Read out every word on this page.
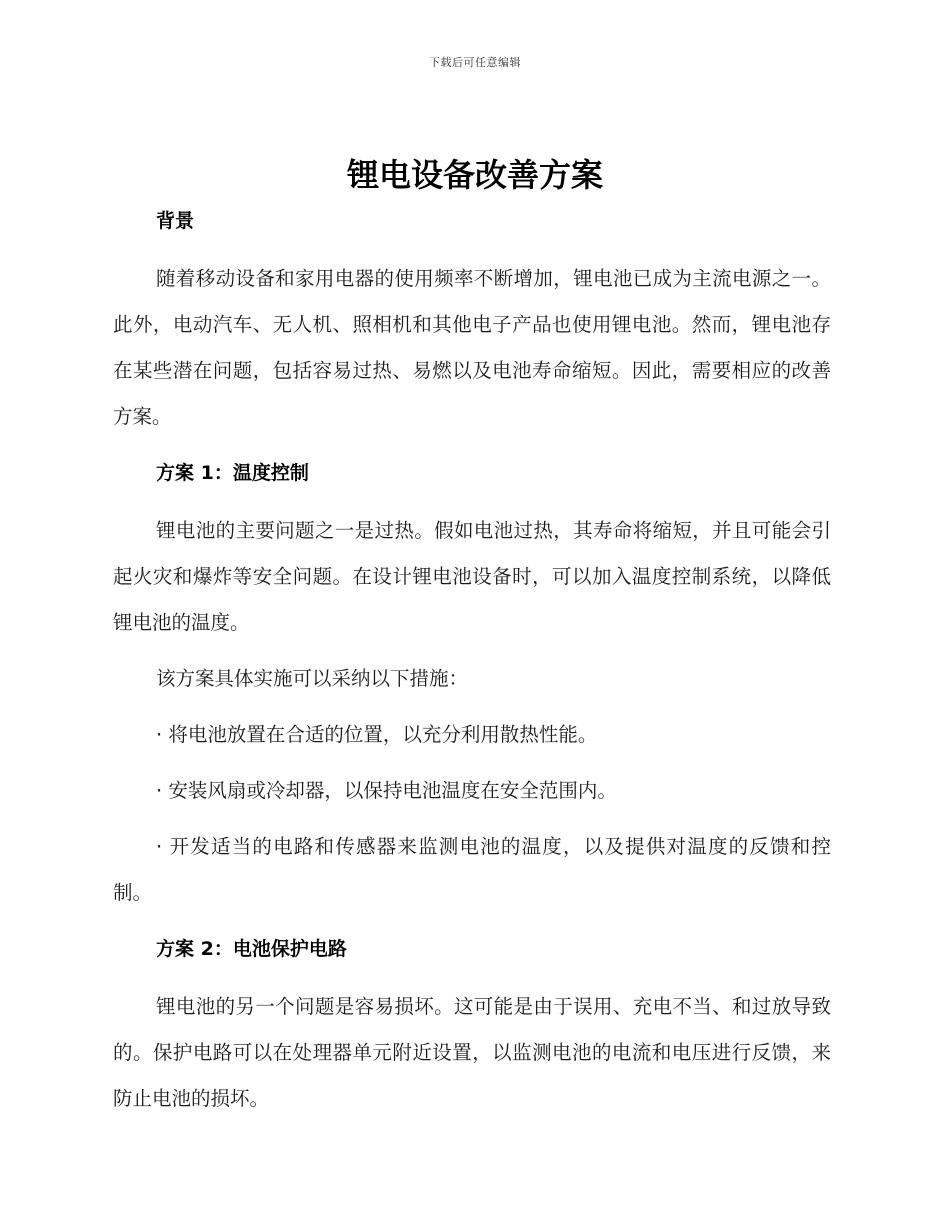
下载后可任意编辑
锂电设备改善方案
背景

随着移动设备和家用电器的使用频率不断增加，锂电池已成为主流电源之一。此外，电动汽车、无人机、照相机和其他电子产品也使用锂电池。然而，锂电池存在某些潜在问题，包括容易过热、易燃以及电池寿命缩短。因此，需要相应的改善方案。

方案 1：温度控制

锂电池的主要问题之一是过热。假如电池过热，其寿命将缩短，并且可能会引起火灾和爆炸等安全问题。在设计锂电池设备时，可以加入温度控制系统，以降低锂电池的温度。

该方案具体实施可以采纳以下措施：

· 将电池放置在合适的位置，以充分利用散热性能。

· 安装风扇或冷却器，以保持电池温度在安全范围内。

· 开发适当的电路和传感器来监测电池的温度，以及提供对温度的反馈和控制。

方案 2：电池保护电路

锂电池的另一个问题是容易损坏。这可能是由于误用、充电不当、和过放导致的。保护电路可以在处理器单元附近设置，以监测电池的电流和电压进行反馈，来防止电池的损坏。
